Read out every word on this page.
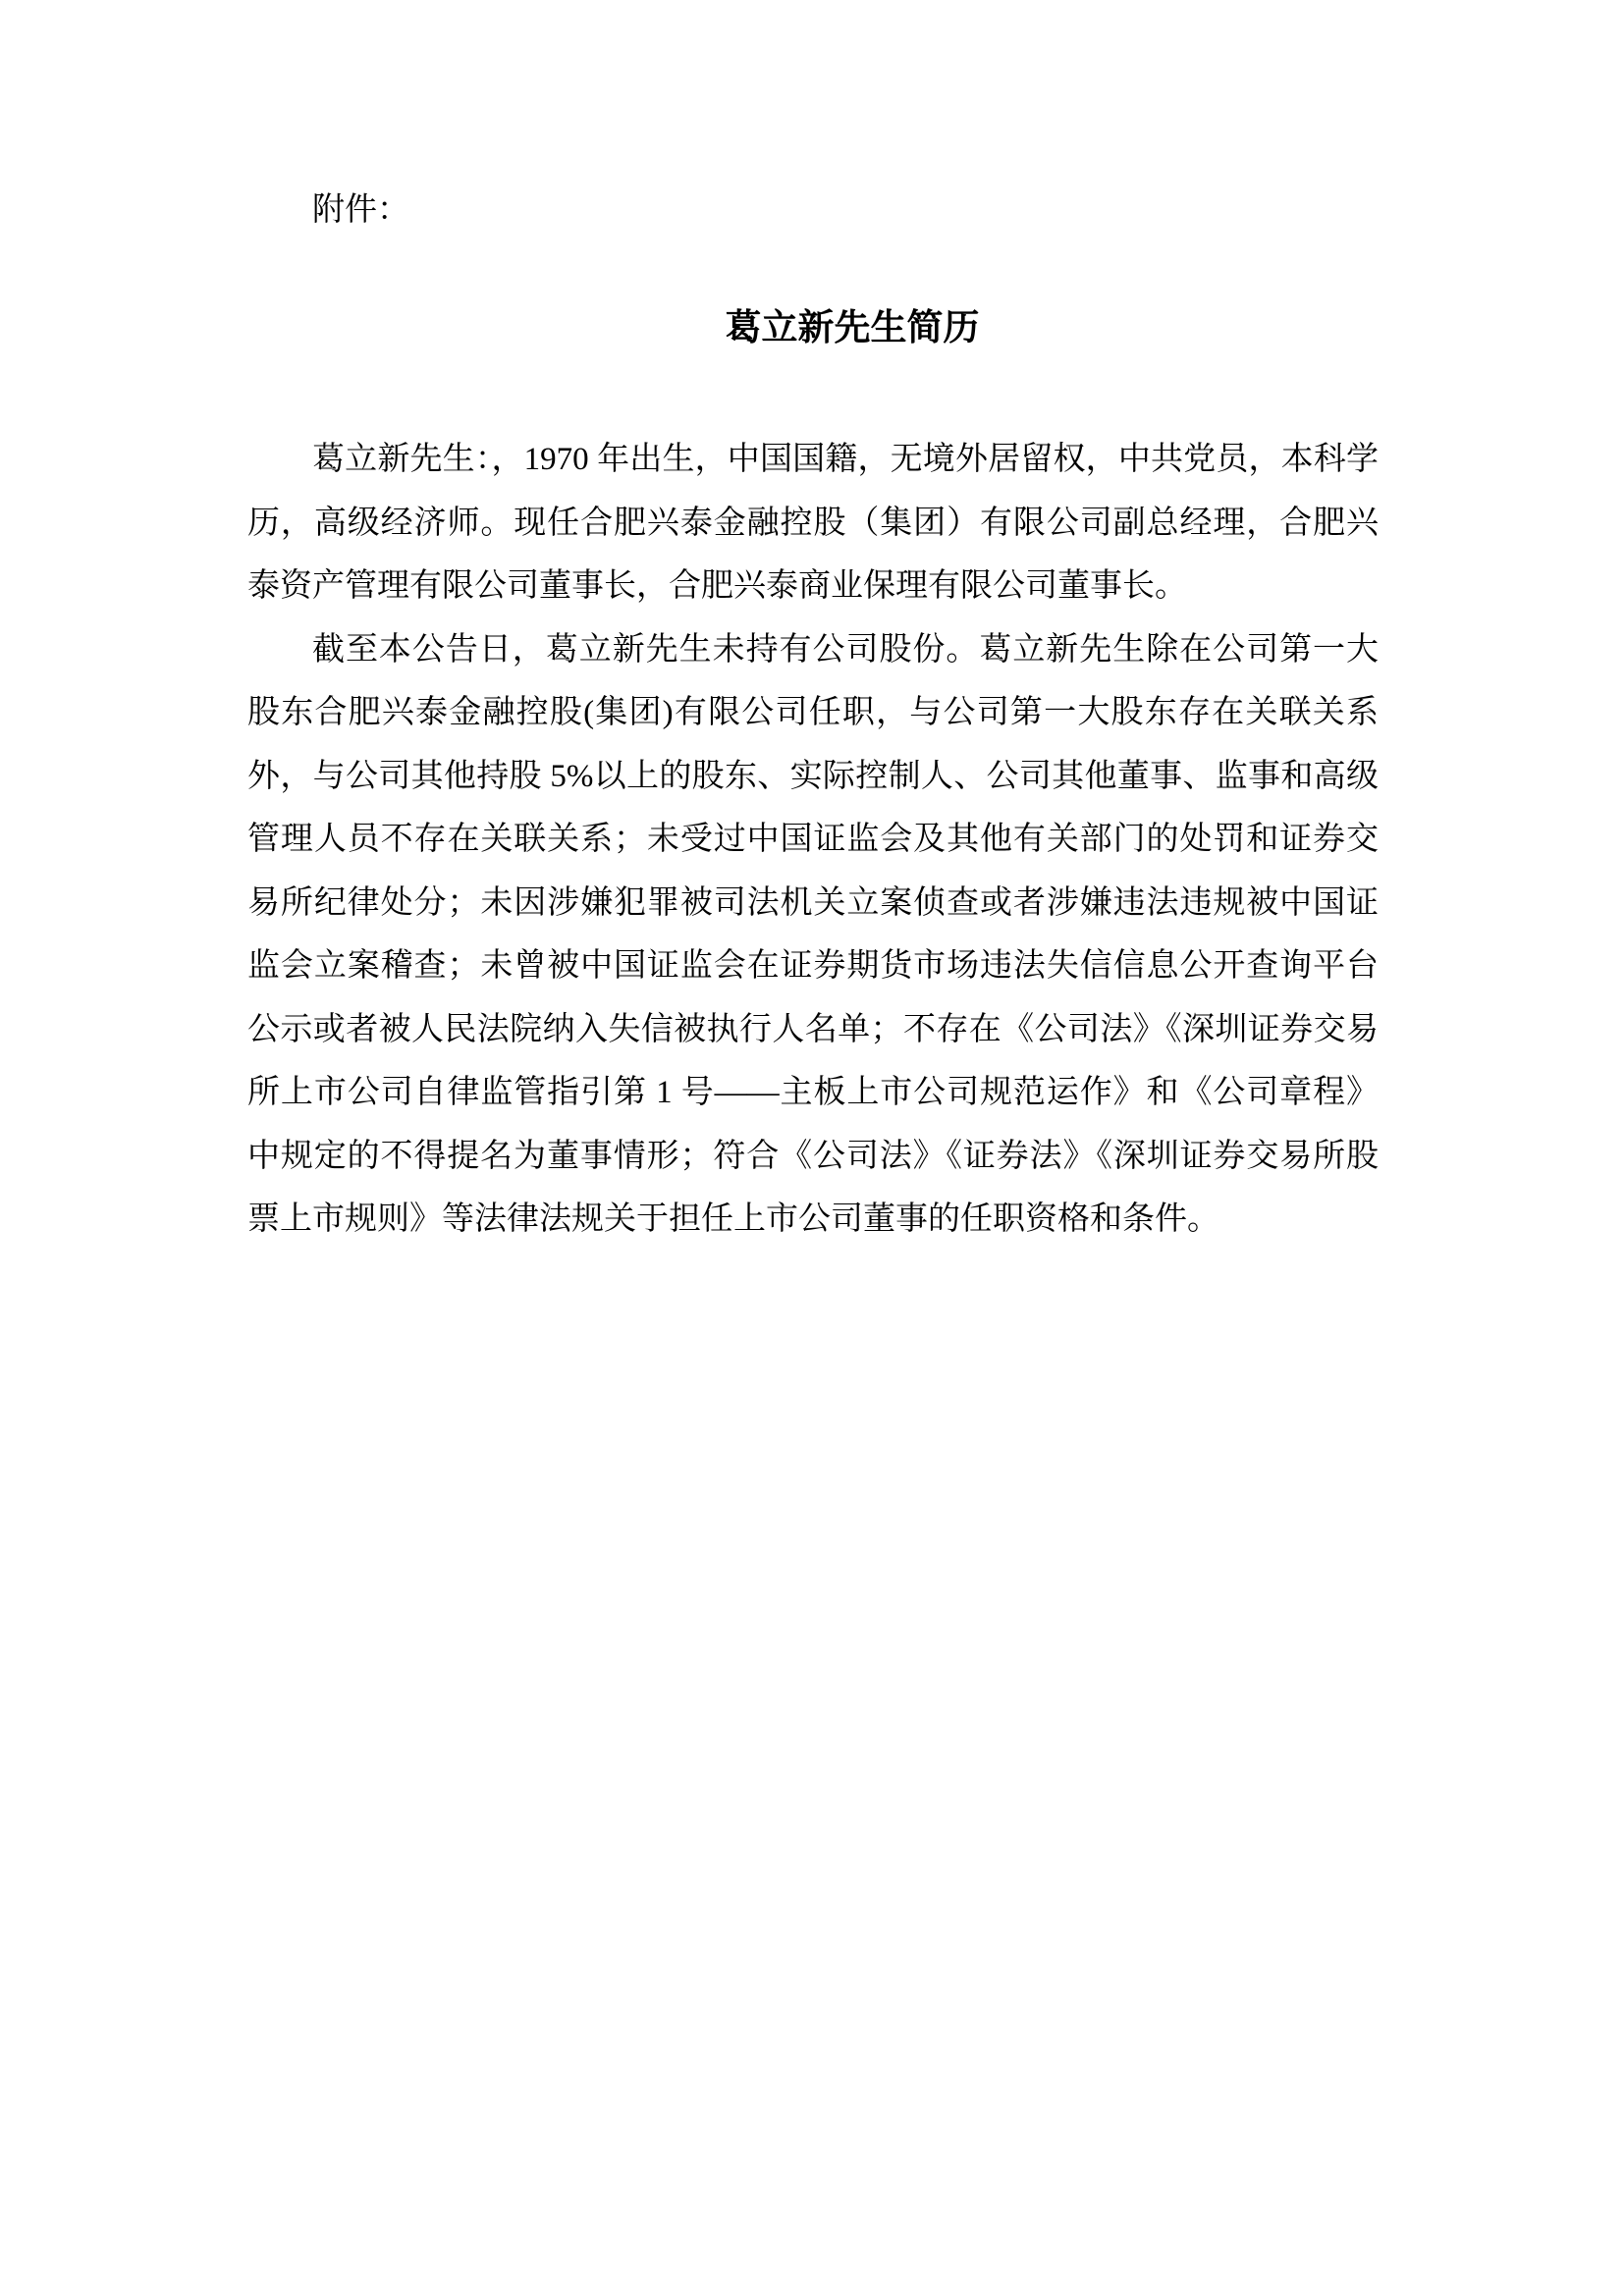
附件：
葛立新先生简历

葛立新先生：，1970 年出生，中国国籍，无境外居留权，中共党员，本科学历，高级经济师。现任合肥兴泰金融控股（集团）有限公司副总经理，合肥兴泰资产管理有限公司董事长，合肥兴泰商业保理有限公司董事长。

截至本公告日，葛立新先生未持有公司股份。葛立新先生除在公司第一大股东合肥兴泰金融控股(集团)有限公司任职，与公司第一大股东存在关联关系外，与公司其他持股 5%以上的股东、实际控制人、公司其他董事、监事和高级管理人员不存在关联关系；未受过中国证监会及其他有关部门的处罚和证券交易所纪律处分；未因涉嫌犯罪被司法机关立案侦查或者涉嫌违法违规被中国证监会立案稽查；未曾被中国证监会在证券期货市场违法失信信息公开查询平台公示或者被人民法院纳入失信被执行人名单；不存在《公司法》《深圳证券交易所上市公司自律监管指引第 1 号——主板上市公司规范运作》和《公司章程》中规定的不得提名为董事情形；符合《公司法》《证券法》《深圳证券交易所股票上市规则》等法律法规关于担任上市公司董事的任职资格和条件。
